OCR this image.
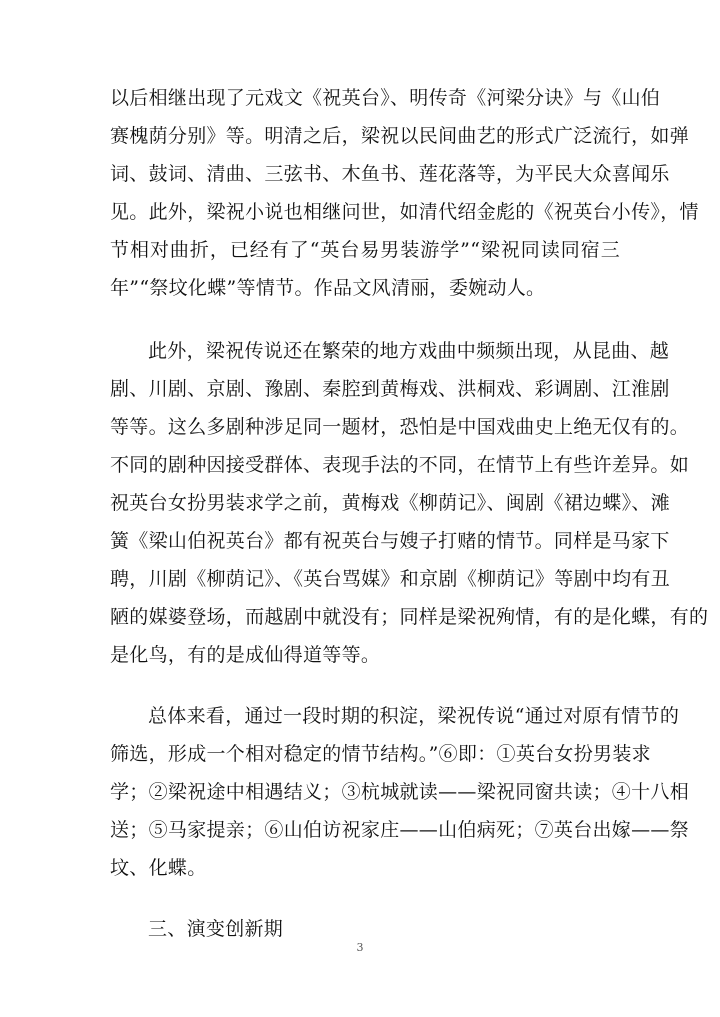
以后相继出现了元戏文《祝英台》、明传奇《河梁分诀》与《山伯
赛槐荫分别》等。明清之后，梁祝以民间曲艺的形式广泛流行，如弹
词、鼓词、清曲、三弦书、木鱼书、莲花落等，为平民大众喜闻乐
见。此外，梁祝小说也相继问世，如清代绍金彪的《祝英台小传》，情
节相对曲折，已经有了“英台易男装游学”“梁祝同读同宿三
年”“祭坟化蝶”等情节。作品文风清丽，委婉动人。
此外，梁祝传说还在繁荣的地方戏曲中频频出现，从昆曲、越
剧、川剧、京剧、豫剧、秦腔到黄梅戏、洪桐戏、彩调剧、江淮剧
等等。这么多剧种涉足同一题材，恐怕是中国戏曲史上绝无仅有的。
不同的剧种因接受群体、表现手法的不同，在情节上有些许差异。如
祝英台女扮男装求学之前，黄梅戏《柳荫记》、闽剧《裙边蝶》、滩
簧《梁山伯祝英台》都有祝英台与嫂子打赌的情节。同样是马家下
聘，川剧《柳荫记》、《英台骂媒》和京剧《柳荫记》等剧中均有丑
陋的媒婆登场，而越剧中就没有；同样是梁祝殉情，有的是化蝶，有的
是化鸟，有的是成仙得道等等。
总体来看，通过一段时期的积淀，梁祝传说“通过对原有情节的
筛选，形成一个相对稳定的情节结构。”⑥即：①英台女扮男装求
学；②梁祝途中相遇结义；③杭城就读——梁祝同窗共读；④十八相
送；⑤马家提亲；⑥山伯访祝家庄——山伯病死；⑦英台出嫁——祭
坟、化蝶。
三、演变创新期
3
